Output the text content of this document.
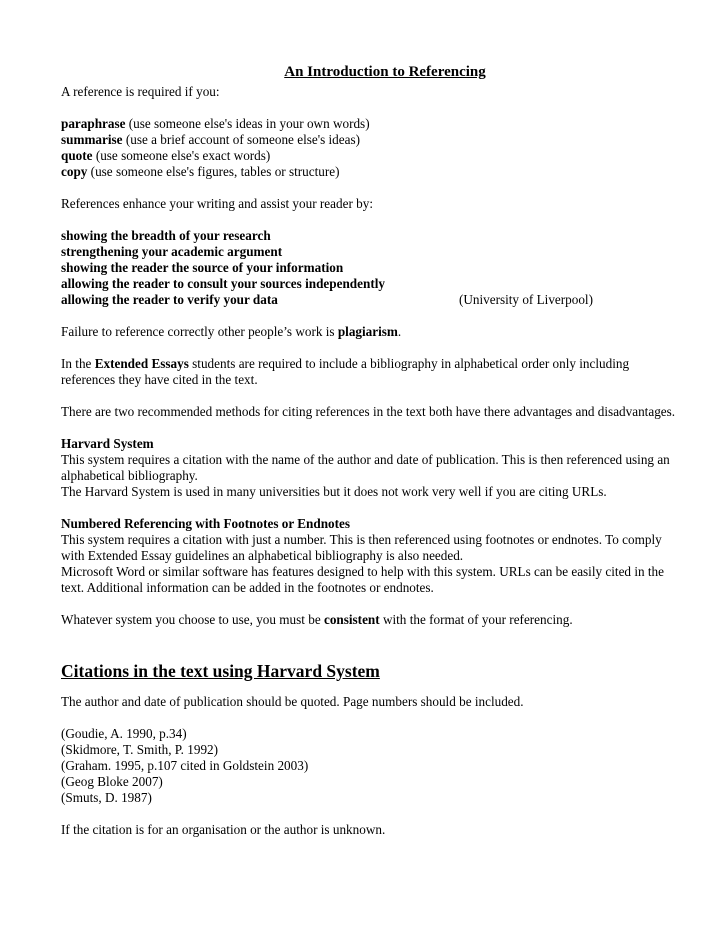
An Introduction to Referencing

A reference is required if you:

paraphrase (use someone else's ideas in your own words)

summarise (use a brief account of someone else's ideas)

quote (use someone else's exact words)

copy (use someone else's figures, tables or structure)

References enhance your writing and assist your reader by:

showing the breadth of your research

strengthening your academic argument

showing the reader the source of your information

allowing the reader to consult your sources independently

allowing the reader to verify your data	(University of Liverpool)

Failure to reference correctly other people’s work is plagiarism.

In the Extended Essays students are required to include a bibliography in alphabetical order only including references they have cited in the text.

There are two recommended methods for citing references in the text both have there advantages and disadvantages.

Harvard System

This system requires a citation with the name of the author and date of publication. This is then referenced using an alphabetical bibliography.

The Harvard System is used in many universities but it does not work very well if you are citing URLs.

Numbered Referencing with Footnotes or Endnotes

This system requires a citation with just a number. This is then referenced using footnotes or endnotes. To comply with Extended Essay guidelines an alphabetical bibliography is also needed.

Microsoft Word or similar software has features designed to help with this system. URLs can be easily cited in the text. Additional information can be added in the footnotes or endnotes.

Whatever system you choose to use, you must be consistent with the format of your referencing.

Citations in the text using Harvard System

The author and date of publication should be quoted. Page numbers should be included.

(Goudie, A. 1990, p.34)

(Skidmore, T. Smith, P. 1992)

(Graham. 1995, p.107 cited in Goldstein 2003)

(Geog Bloke 2007)

(Smuts, D. 1987)

If the citation is for an organisation or the author is unknown.
